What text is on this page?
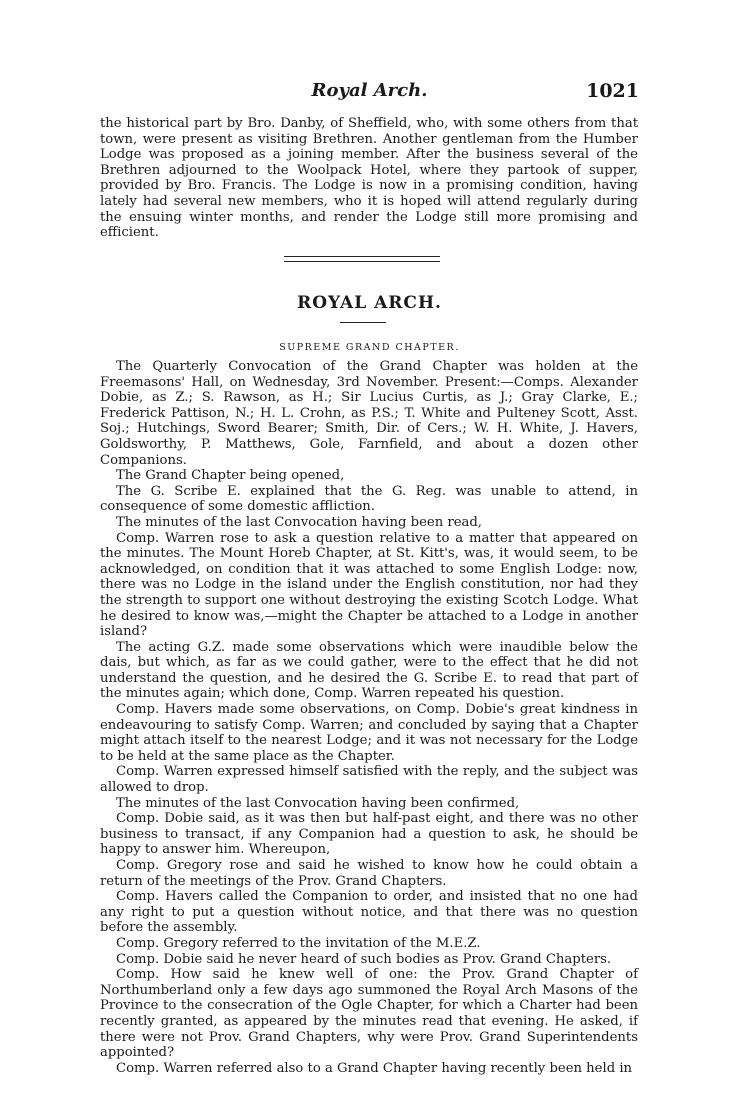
Royal Arch.	1021

the historical part by Bro. Danby, of Sheffield, who, with some others from that town, were present as visiting Brethren. Another gentleman from the Humber Lodge was proposed as a joining member. After the business several of the Brethren adjourned to the Woolpack Hotel, where they partook of supper, provided by Bro. Francis. The Lodge is now in a promising condition, having lately had several new members, who it is hoped will attend regularly during the ensuing winter months, and render the Lodge still more promising and efficient.

ROYAL ARCH.
SUPREME GRAND CHAPTER.

The Quarterly Convocation of the Grand Chapter was holden at the Freemasons' Hall, on Wednesday, 3rd November. Present:—Comps. Alexander Dobie, as Z.; S. Rawson, as H.; Sir Lucius Curtis, as J.; Gray Clarke, E.; Frederick Pattison, N.; H. L. Crohn, as P.S.; T. White and Pulteney Scott, Asst. Soj.; Hutchings, Sword Bearer; Smith, Dir. of Cers.; W. H. White, J. Havers, Goldsworthy, P. Matthews, Gole, Farnfield, and about a dozen other Companions.

The Grand Chapter being opened,

The G. Scribe E. explained that the G. Reg. was unable to attend, in consequence of some domestic affliction.

The minutes of the last Convocation having been read,

Comp. Warren rose to ask a question relative to a matter that appeared on the minutes. The Mount Horeb Chapter, at St. Kitt's, was, it would seem, to be acknowledged, on condition that it was attached to some English Lodge: now, there was no Lodge in the island under the English constitution, nor had they the strength to support one without destroying the existing Scotch Lodge. What he desired to know was,—might the Chapter be attached to a Lodge in another island?

The acting G.Z. made some observations which were inaudible below the dais, but which, as far as we could gather, were to the effect that he did not understand the question, and he desired the G. Scribe E. to read that part of the minutes again; which done, Comp. Warren repeated his question.

Comp. Havers made some observations, on Comp. Dobie's great kindness in endeavouring to satisfy Comp. Warren; and concluded by saying that a Chapter might attach itself to the nearest Lodge; and it was not necessary for the Lodge to be held at the same place as the Chapter.

Comp. Warren expressed himself satisfied with the reply, and the subject was allowed to drop.

The minutes of the last Convocation having been confirmed,

Comp. Dobie said, as it was then but half-past eight, and there was no other business to transact, if any Companion had a question to ask, he should be happy to answer him. Whereupon,

Comp. Gregory rose and said he wished to know how he could obtain a return of the meetings of the Prov. Grand Chapters.

Comp. Havers called the Companion to order, and insisted that no one had any right to put a question without notice, and that there was no question before the assembly.

Comp. Gregory referred to the invitation of the M.E.Z.

Comp. Dobie said he never heard of such bodies as Prov. Grand Chapters.

Comp. How said he knew well of one: the Prov. Grand Chapter of Northumberland only a few days ago summoned the Royal Arch Masons of the Province to the consecration of the Ogle Chapter, for which a Charter had been recently granted, as appeared by the minutes read that evening. He asked, if there were not Prov. Grand Chapters, why were Prov. Grand Superintendents appointed?

Comp. Warren referred also to a Grand Chapter having recently been held in
